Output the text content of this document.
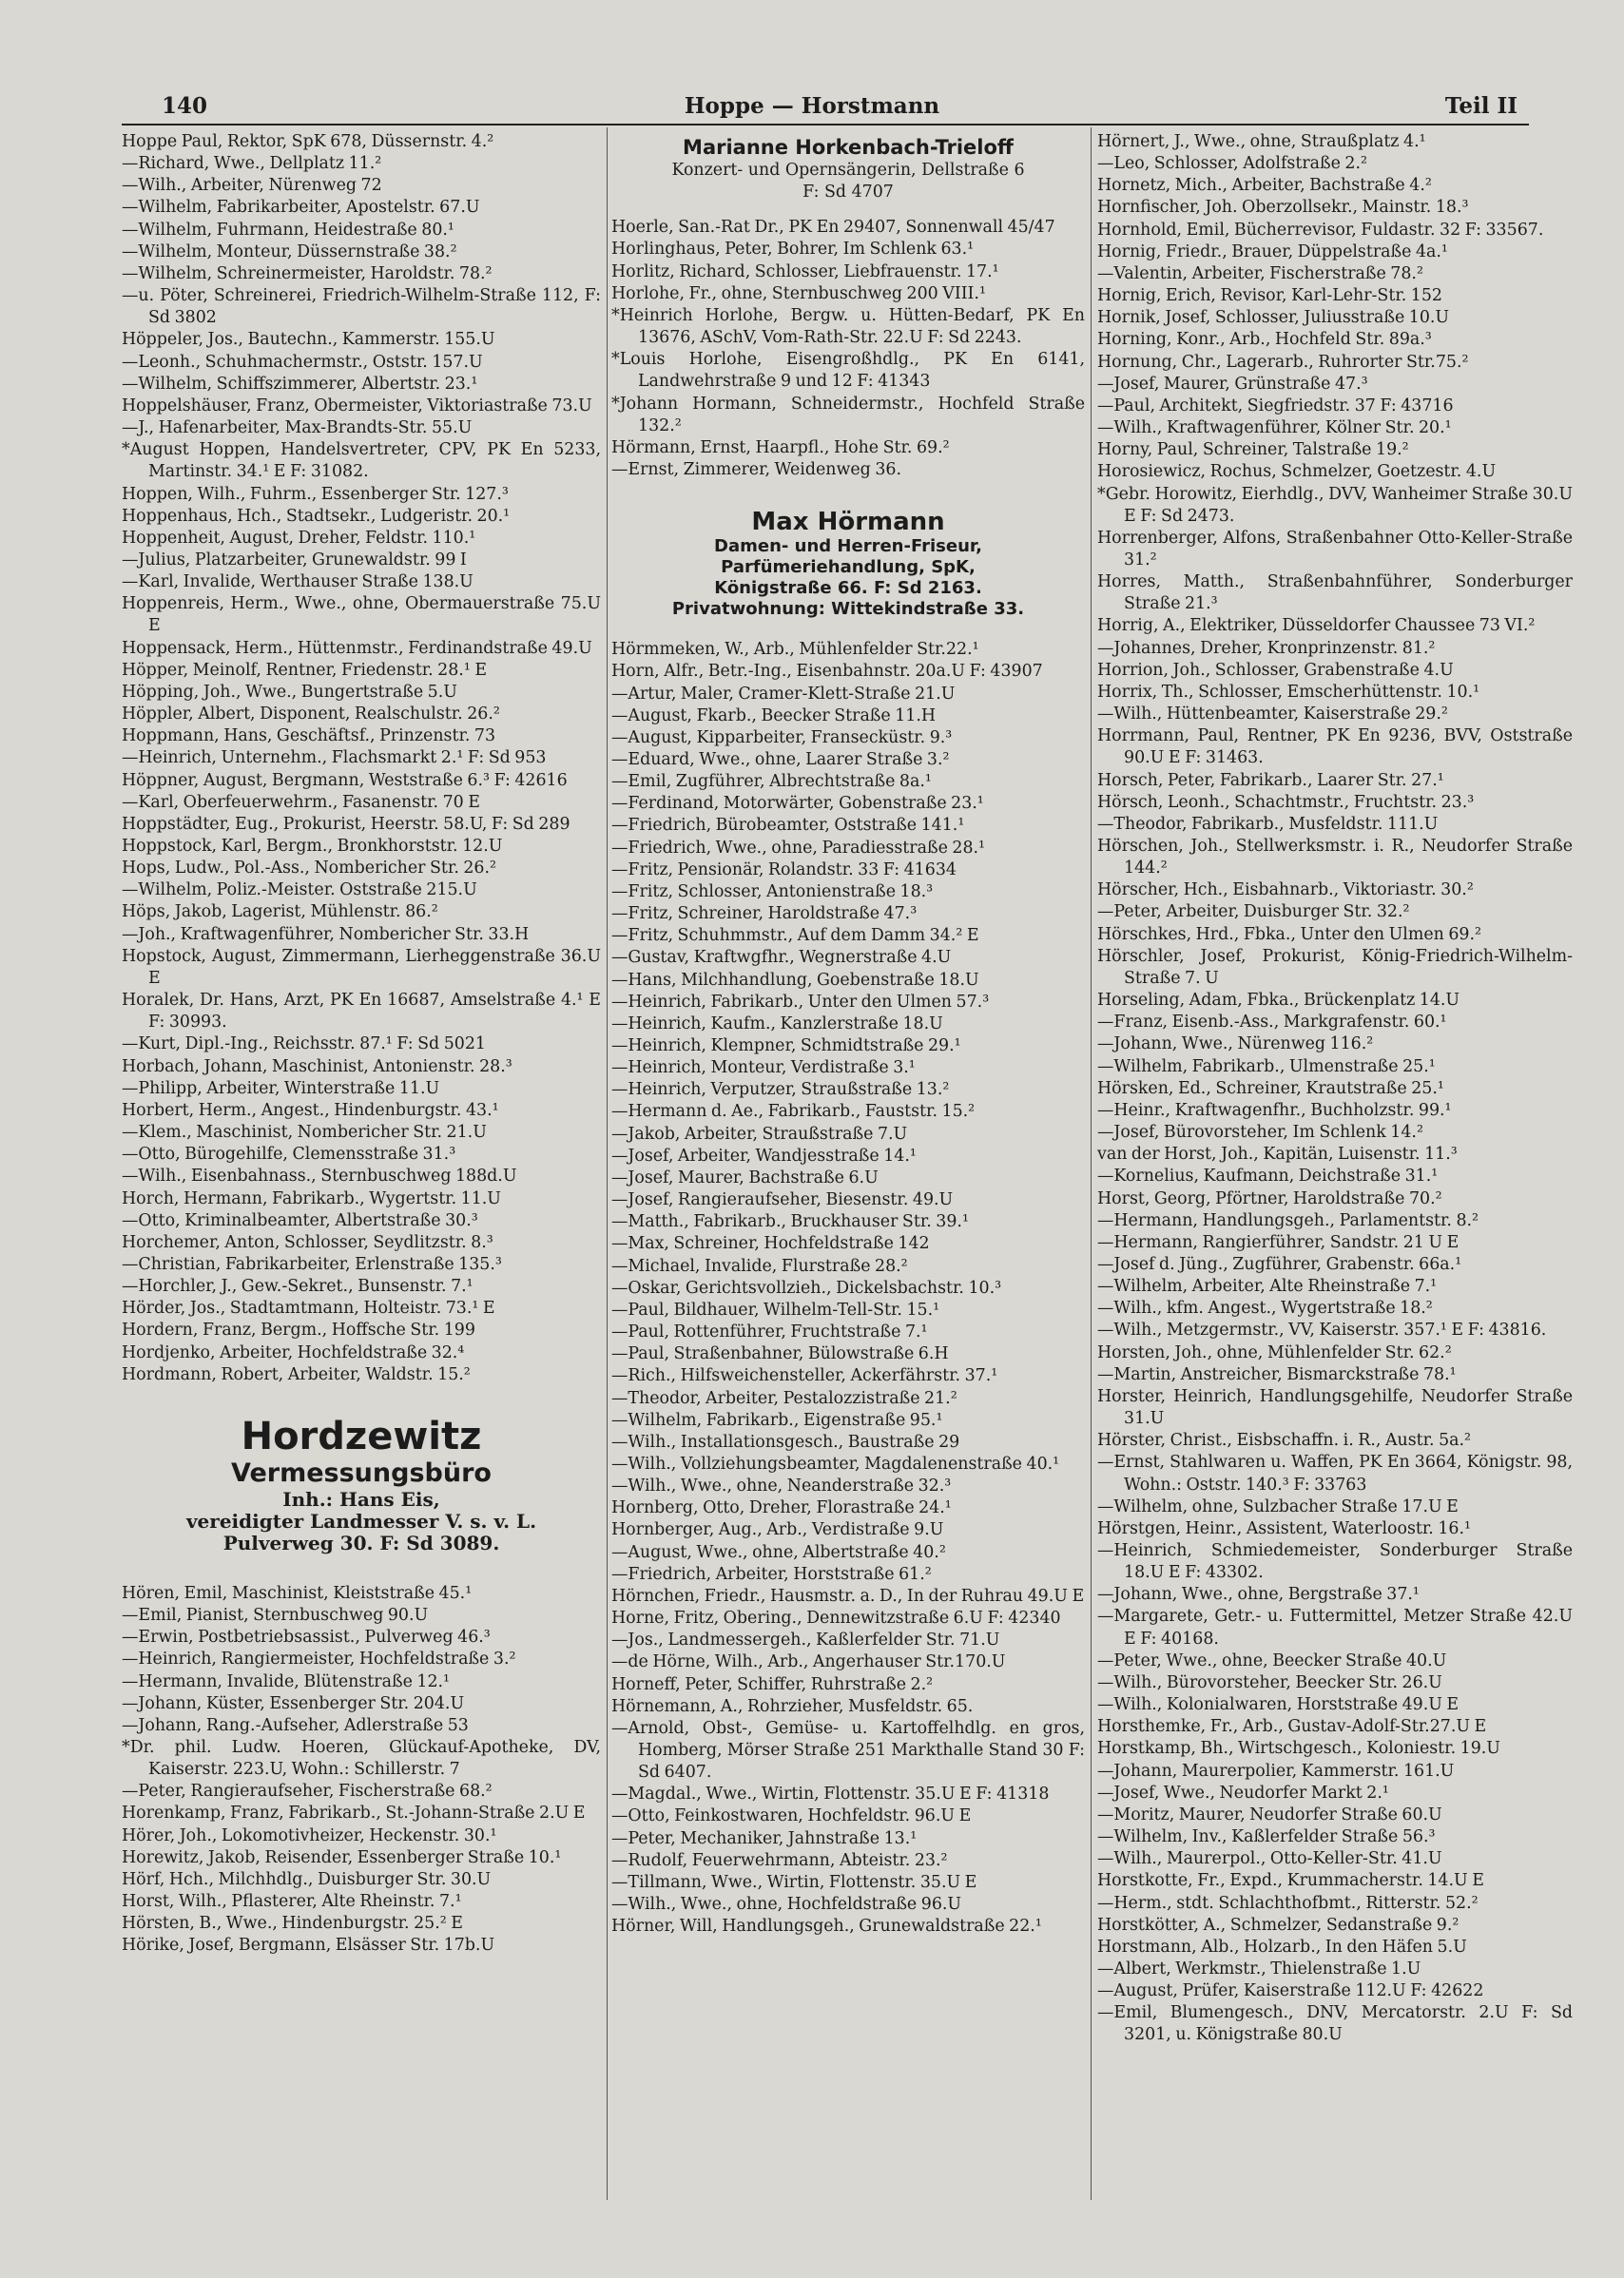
140	Hoppe — Horstmann	Teil II
Hoppe Paul, Rektor, SpK 678, Düssernstr. 4.²
—Richard, Wwe., Dellplatz 11.²
—Wilh., Arbeiter, Nürenweg 72
—Wilhelm, Fabrikarbeiter, Apostelstr. 67.U
—Wilhelm, Fuhrmann, Heidestraße 80.¹
—Wilhelm, Monteur, Düssernstraße 38.²
—Wilhelm, Schreinermeister, Haroldstr. 78.²
—u. Pöter, Schreinerei, Friedrich-Wilhelm-Straße 112, F: Sd 3802
Höppeler, Jos., Bautechn., Kammerstr. 155.U
—Leonh., Schuhmachermstr., Oststr. 157.U
—Wilhelm, Schiffszimmerer, Albertstr. 23.¹
Hoppelshäuser, Franz, Obermeister, Viktoriastraße 73.U
—J., Hafenarbeiter, Max-Brandts-Str. 55.U
*August Hoppen, Handelsvertreter, CPV, PK En 5233, Martinstr. 34.¹ E F: 31082.
Hoppen, Wilh., Fuhrm., Essenberger Str. 127.³
Hoppenhaus, Hch., Stadtsekr., Ludgeristr. 20.¹
Hoppenheit, August, Dreher, Feldstr. 110.¹
—Julius, Platzarbeiter, Grunewaldstr. 99 I
—Karl, Invalide, Werthauser Straße 138.U
Hoppenreis, Herm., Wwe., ohne, Obermauerstraße 75.U E
Hoppensack, Herm., Hüttenmstr., Ferdinandstraße 49.U
Höpper, Meinolf, Rentner, Friedenstr. 28.¹ E
Höpping, Joh., Wwe., Bungertstraße 5.U
Höppler, Albert, Disponent, Realschulstr. 26.²
Hoppmann, Hans, Geschäftsf., Prinzenstr. 73
—Heinrich, Unternehm., Flachsmarkt 2.¹ F: Sd 953
Höppner, August, Bergmann, Weststraße 6.³ F: 42616
—Karl, Oberfeuerwehrm., Fasanenstr. 70 E
Hoppstädter, Eug., Prokurist, Heerstr. 58.U, F: Sd 289
Hoppstock, Karl, Bergm., Bronkhorststr. 12.U
Hops, Ludw., Pol.-Ass., Nombericher Str. 26.²
—Wilhelm, Poliz.-Meister. Oststraße 215.U
Höps, Jakob, Lagerist, Mühlenstr. 86.²
—Joh., Kraftwagenführer, Nombericher Str. 33.H
Hopstock, August, Zimmermann, Lierheggenstraße 36.U E
Horalek, Dr. Hans, Arzt, PK En 16687, Amselstraße 4.¹ E F: 30993.
—Kurt, Dipl.-Ing., Reichsstr. 87.¹ F: Sd 5021
Horbach, Johann, Maschinist, Antonienstr. 28.³
—Philipp, Arbeiter, Winterstraße 11.U
Horbert, Herm., Angest., Hindenburgstr. 43.¹
—Klem., Maschinist, Nombericher Str. 21.U
—Otto, Bürogehilfe, Clemensstraße 31.³
—Wilh., Eisenbahnass., Sternbuschweg 188d.U
Horch, Hermann, Fabrikarb., Wygertstr. 11.U
—Otto, Kriminalbeamter, Albertstraße 30.³
Horchemer, Anton, Schlosser, Seydlitzstr. 8.³
—Christian, Fabrikarbeiter, Erlenstraße 135.³
—Horchler, J., Gew.-Sekret., Bunsenstr. 7.¹
Hörder, Jos., Stadtamtmann, Holteistr. 73.¹ E
Hordern, Franz, Bergm., Hoffsche Str. 199
Hordjenko, Arbeiter, Hochfeldstraße 32.⁴
Hordmann, Robert, Arbeiter, Waldstr. 15.²
Hordzewitz
Vermessungsbüro
Inh.: Hans Eis,
vereidigter Landmesser V. s. v. L.
Pulverweg 30. F: Sd 3089.
Hören, Emil, Maschinist, Kleiststraße 45.¹
—Emil, Pianist, Sternbuschweg 90.U
—Erwin, Postbetriebsassist., Pulverweg 46.³
—Heinrich, Rangiermeister, Hochfeldstraße 3.²
—Hermann, Invalide, Blütenstraße 12.¹
—Johann, Küster, Essenberger Str. 204.U
—Johann, Rang.-Aufseher, Adlerstraße 53
*Dr. phil. Ludw. Hoeren, Glückauf-Apotheke, DV, Kaiserstr. 223.U, Wohn.: Schillerstr. 7
—Peter, Rangieraufseher, Fischerstraße 68.²
Horenkamp, Franz, Fabrikarb., St.-Johann-Straße 2.U E
Hörer, Joh., Lokomotivheizer, Heckenstr. 30.¹
Horewitz, Jakob, Reisender, Essenberger Straße 10.¹
Hörf, Hch., Milchhdlg., Duisburger Str. 30.U
Horst, Wilh., Pflasterer, Alte Rheinstr. 7.¹
Hörsten, B., Wwe., Hindenburgstr. 25.² E
Hörike, Josef, Bergmann, Elsässer Str. 17b.U
Marianne Horkenbach-Trieloff
Konzert- und Opernsängerin, Dellstraße 6
F: Sd 4707
Hoerle, San.-Rat Dr., PK En 29407, Sonnenwall 45/47
Horlinghaus, Peter, Bohrer, Im Schlenk 63.¹
Horlitz, Richard, Schlosser, Liebfrauenstr. 17.¹
Horlohe, Fr., ohne, Sternbuschweg 200 VIII.¹
*Heinrich Horlohe, Bergw. u. Hütten-Bedarf, PK En 13676, ASchV, Vom-Rath-Str. 22.U F: Sd 2243.
*Louis Horlohe, Eisengroßhdlg., PK En 6141, Landwehrstraße 9 und 12 F: 41343
*Johann Hormann, Schneidermstr., Hochfeld Straße 132.²
Hörmann, Ernst, Haarpfl., Hohe Str. 69.²
—Ernst, Zimmerer, Weidenweg 36.
Max Hörmann
Damen- und Herren-Friseur,
Parfümeriehandlung, SpK,
Königstraße 66. F: Sd 2163.
Privatwohnung: Wittekindstraße 33.
Hörmmeken, W., Arb., Mühlenfelder Str.22.¹
Horn, Alfr., Betr.-Ing., Eisenbahnstr. 20a.U F: 43907
—Artur, Maler, Cramer-Klett-Straße 21.U
—August, Fkarb., Beecker Straße 11.H
—August, Kipparbeiter, Fransecküstr. 9.³
—Eduard, Wwe., ohne, Laarer Straße 3.²
—Emil, Zugführer, Albrechtstraße 8a.¹
—Ferdinand, Motorwärter, Gobenstraße 23.¹
—Friedrich, Bürobeamter, Oststraße 141.¹
—Friedrich, Wwe., ohne, Paradiesstraße 28.¹
—Fritz, Pensionär, Rolandstr. 33 F: 41634
—Fritz, Schlosser, Antonienstraße 18.³
—Fritz, Schreiner, Haroldstraße 47.³
—Fritz, Schuhmmstr., Auf dem Damm 34.² E
—Gustav, Kraftwgfhr., Wegnerstraße 4.U
—Hans, Milchhandlung, Goebenstraße 18.U
—Heinrich, Fabrikarb., Unter den Ulmen 57.³
—Heinrich, Kaufm., Kanzlerstraße 18.U
—Heinrich, Klempner, Schmidtstraße 29.¹
—Heinrich, Monteur, Verdistraße 3.¹
—Heinrich, Verputzer, Straußstraße 13.²
—Hermann d. Ae., Fabrikarb., Fauststr. 15.²
—Jakob, Arbeiter, Straußstraße 7.U
—Josef, Arbeiter, Wandjesstraße 14.¹
—Josef, Maurer, Bachstraße 6.U
—Josef, Rangieraufseher, Biesenstr. 49.U
—Matth., Fabrikarb., Bruckhauser Str. 39.¹
—Max, Schreiner, Hochfeldstraße 142
—Michael, Invalide, Flurstraße 28.²
—Oskar, Gerichtsvollzieh., Dickelsbachstr. 10.³
—Paul, Bildhauer, Wilhelm-Tell-Str. 15.¹
—Paul, Rottenführer, Fruchtstraße 7.¹
—Paul, Straßenbahner, Bülowstraße 6.H
—Rich., Hilfsweichensteller, Ackerfährstr. 37.¹
—Theodor, Arbeiter, Pestalozzistraße 21.²
—Wilhelm, Fabrikarb., Eigenstraße 95.¹
—Wilh., Installationsgesch., Baustraße 29
—Wilh., Vollziehungsbeamter, Magdalenenstraße 40.¹
—Wilh., Wwe., ohne, Neanderstraße 32.³
Hornberg, Otto, Dreher, Florastraße 24.¹
Hornberger, Aug., Arb., Verdistraße 9.U
—August, Wwe., ohne, Albertstraße 40.²
—Friedrich, Arbeiter, Horststraße 61.²
Hörnchen, Friedr., Hausmstr. a. D., In der Ruhrau 49.U E
Horne, Fritz, Obering., Dennewitzstraße 6.U F: 42340
—Jos., Landmessergeh., Kaßlerfelder Str. 71.U
—de Hörne, Wilh., Arb., Angerhauser Str.170.U
Horneff, Peter, Schiffer, Ruhrstraße 2.²
Hörnemann, A., Rohrzieher, Musfeldstr. 65.
—Arnold, Obst-, Gemüse- u. Kartoffelhdlg. en gros, Homberg, Mörser Straße 251 Markthalle Stand 30 F: Sd 6407.
—Magdal., Wwe., Wirtin, Flottenstr. 35.U E F: 41318
—Otto, Feinkostwaren, Hochfeldstr. 96.U E
—Peter, Mechaniker, Jahnstraße 13.¹
—Rudolf, Feuerwehrmann, Abteistr. 23.²
—Tillmann, Wwe., Wirtin, Flottenstr. 35.U E
—Wilh., Wwe., ohne, Hochfeldstraße 96.U
Hörner, Will, Handlungsgeh., Grunewaldstraße 22.¹
Hörnert, J., Wwe., ohne, Straußplatz 4.¹
—Leo, Schlosser, Adolfstraße 2.²
Hornetz, Mich., Arbeiter, Bachstraße 4.²
Hornfischer, Joh. Oberzollsekr., Mainstr. 18.³
Hornhold, Emil, Bücherrevisor, Fuldastr. 32 F: 33567.
Hornig, Friedr., Brauer, Düppelstraße 4a.¹
—Valentin, Arbeiter, Fischerstraße 78.²
Hornig, Erich, Revisor, Karl-Lehr-Str. 152
Hornik, Josef, Schlosser, Juliusstraße 10.U
Horning, Konr., Arb., Hochfeld Str. 89a.³
Hornung, Chr., Lagerarb., Ruhrorter Str.75.²
—Josef, Maurer, Grünstraße 47.³
—Paul, Architekt, Siegfriedstr. 37 F: 43716
—Wilh., Kraftwagenführer, Kölner Str. 20.¹
Horny, Paul, Schreiner, Talstraße 19.²
Horosiewicz, Rochus, Schmelzer, Goetzestr. 4.U
*Gebr. Horowitz, Eierhdlg., DVV, Wanheimer Straße 30.U E F: Sd 2473.
Horrenberger, Alfons, Straßenbahner Otto-Keller-Straße 31.²
Horres, Matth., Straßenbahnführer, Sonderburger Straße 21.³
Horrig, A., Elektriker, Düsseldorfer Chaussee 73 VI.²
—Johannes, Dreher, Kronprinzenstr. 81.²
Horrion, Joh., Schlosser, Grabenstraße 4.U
Horrix, Th., Schlosser, Emscherhüttenstr. 10.¹
—Wilh., Hüttenbeamter, Kaiserstraße 29.²
Horrmann, Paul, Rentner, PK En 9236, BVV, Oststraße 90.U E F: 31463.
Horsch, Peter, Fabrikarb., Laarer Str. 27.¹
Hörsch, Leonh., Schachtmstr., Fruchtstr. 23.³
—Theodor, Fabrikarb., Musfeldstr. 111.U
Hörschen, Joh., Stellwerksmstr. i. R., Neudorfer Straße 144.²
Hörscher, Hch., Eisbahnarb., Viktoriastr. 30.²
—Peter, Arbeiter, Duisburger Str. 32.²
Hörschkes, Hrd., Fbka., Unter den Ulmen 69.²
Hörschler, Josef, Prokurist, König-Friedrich-Wilhelm-Straße 7. U
Horseling, Adam, Fbka., Brückenplatz 14.U
—Franz, Eisenb.-Ass., Markgrafenstr. 60.¹
—Johann, Wwe., Nürenweg 116.²
—Wilhelm, Fabrikarb., Ulmenstraße 25.¹
Hörsken, Ed., Schreiner, Krautstraße 25.¹
—Heinr., Kraftwagenfhr., Buchholzstr. 99.¹
—Josef, Bürovorsteher, Im Schlenk 14.²
van der Horst, Joh., Kapitän, Luisenstr. 11.³
—Kornelius, Kaufmann, Deichstraße 31.¹
Horst, Georg, Pförtner, Haroldstraße 70.²
—Hermann, Handlungsgeh., Parlamentstr. 8.²
—Hermann, Rangierführer, Sandstr. 21 U E
—Josef d. Jüng., Zugführer, Grabenstr. 66a.¹
—Wilhelm, Arbeiter, Alte Rheinstraße 7.¹
—Wilh., kfm. Angest., Wygertstraße 18.²
—Wilh., Metzgermstr., VV, Kaiserstr. 357.¹ E F: 43816.
Horsten, Joh., ohne, Mühlenfelder Str. 62.²
—Martin, Anstreicher, Bismarckstraße 78.¹
Horster, Heinrich, Handlungsgehilfe, Neudorfer Straße 31.U
Hörster, Christ., Eisbschaffn. i. R., Austr. 5a.²
—Ernst, Stahlwaren u. Waffen, PK En 3664, Königstr. 98, Wohn.: Oststr. 140.³ F: 33763
—Wilhelm, ohne, Sulzbacher Straße 17.U E
Hörstgen, Heinr., Assistent, Waterloostr. 16.¹
—Heinrich, Schmiedemeister, Sonderburger Straße 18.U E F: 43302.
—Johann, Wwe., ohne, Bergstraße 37.¹
—Margarete, Getr.- u. Futtermittel, Metzer Straße 42.U E F: 40168.
—Peter, Wwe., ohne, Beecker Straße 40.U
—Wilh., Bürovorsteher, Beecker Str. 26.U
—Wilh., Kolonialwaren, Horststraße 49.U E
Horsthemke, Fr., Arb., Gustav-Adolf-Str.27.U E
Horstkamp, Bh., Wirtschgesch., Koloniestr. 19.U
—Johann, Maurerpolier, Kammerstr. 161.U
—Josef, Wwe., Neudorfer Markt 2.¹
—Moritz, Maurer, Neudorfer Straße 60.U
—Wilhelm, Inv., Kaßlerfelder Straße 56.³
—Wilh., Maurerpol., Otto-Keller-Str. 41.U
Horstkotte, Fr., Expd., Krummacherstr. 14.U E
—Herm., stdt. Schlachthofbmt., Ritterstr. 52.²
Horstkötter, A., Schmelzer, Sedanstraße 9.²
Horstmann, Alb., Holzarb., In den Häfen 5.U
—Albert, Werkmstr., Thielenstraße 1.U
—August, Prüfer, Kaiserstraße 112.U F: 42622
—Emil, Blumengesch., DNV, Mercatorstr. 2.U F: Sd 3201, u. Königstraße 80.U
